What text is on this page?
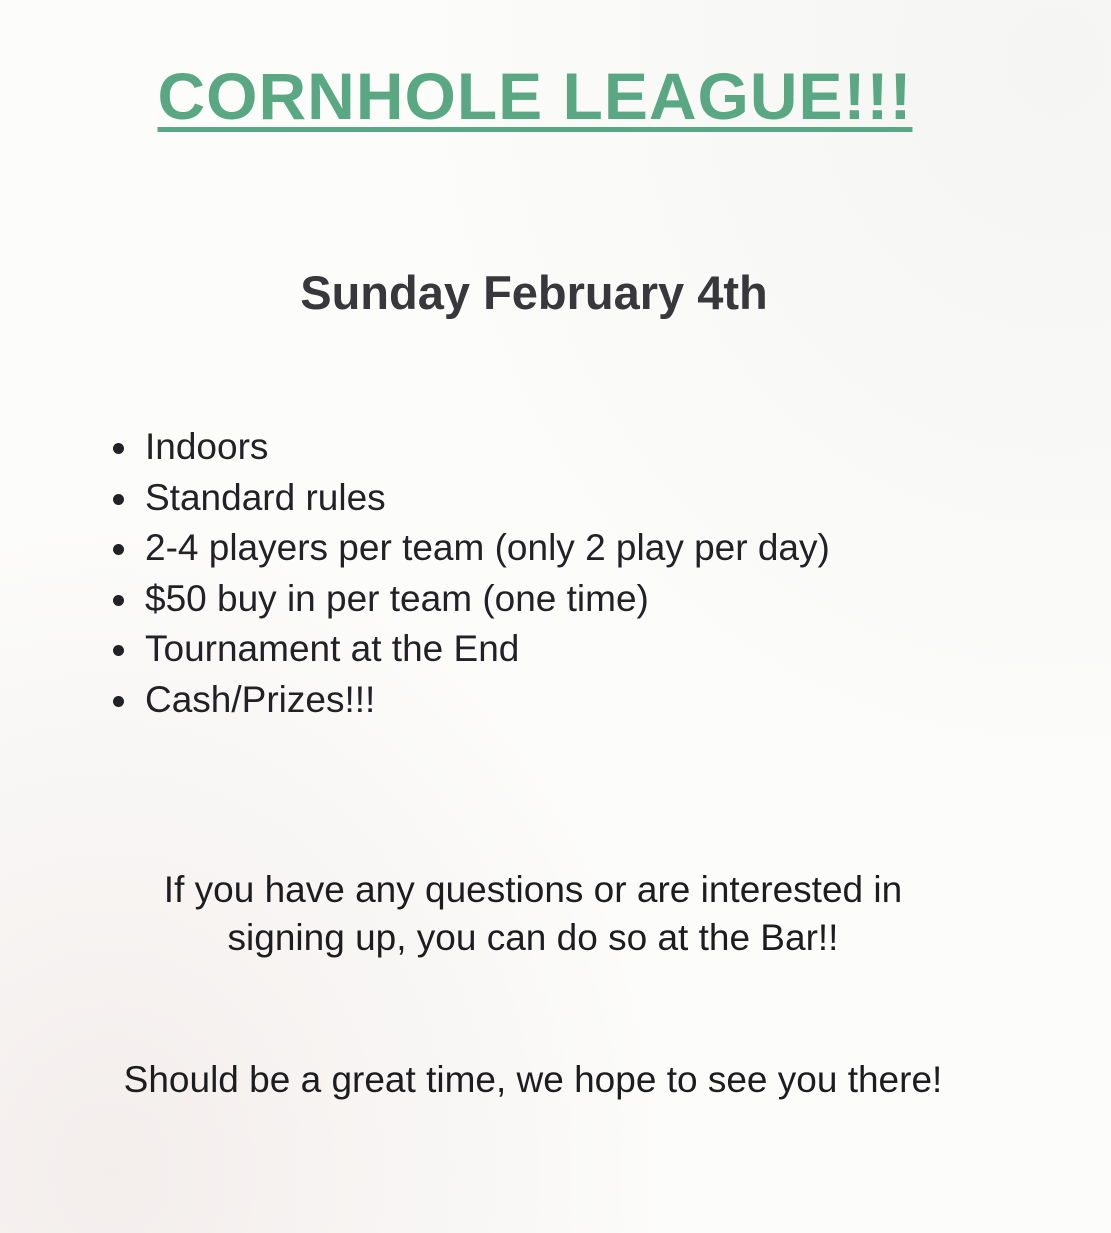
CORNHOLE LEAGUE!!!
Sunday February 4th
Indoors
Standard rules
2-4 players per team (only 2 play per day)
$50 buy in per team (one time)
Tournament at the End
Cash/Prizes!!!

If you have any questions or are interested in
signing up, you can do so at the Bar!!

Should be a great time, we hope to see you there!
